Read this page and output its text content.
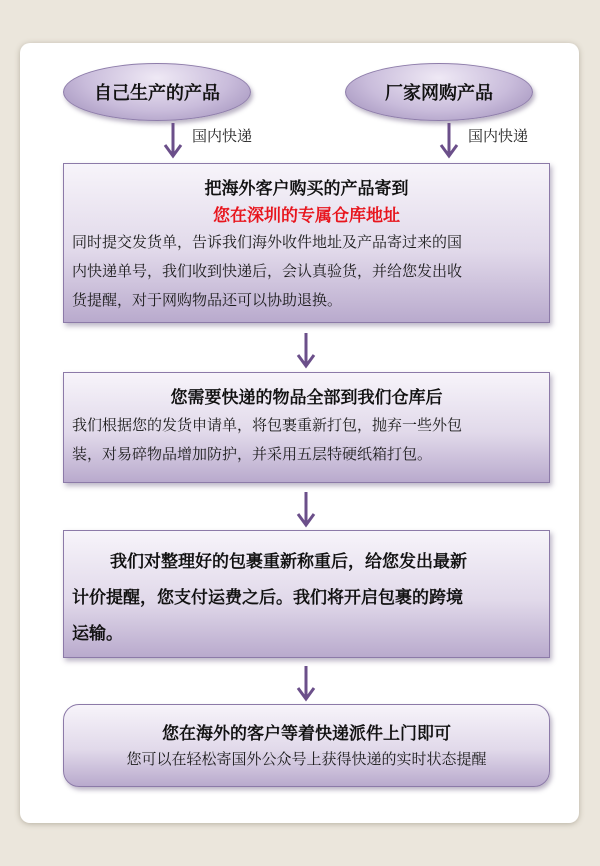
自己生产的产品	厂家网购产品
国内快递	国内快递
把海外客户购买的产品寄到
您在深圳的专属仓库地址
同时提交发货单，告诉我们海外收件地址及产品寄过来的国
内快递单号，我们收到快递后，会认真验货，并给您发出收
货提醒，对于网购物品还可以协助退换。
您需要快递的物品全部到我们仓库后
我们根据您的发货申请单，将包裹重新打包，抛弃一些外包
装，对易碎物品增加防护，并采用五层特硬纸箱打包。
我们对整理好的包裹重新称重后，给您发出最新
计价提醒，您支付运费之后。我们将开启包裹的跨境
运输。
您在海外的客户等着快递派件上门即可
您可以在轻松寄国外公众号上获得快递的实时状态提醒
